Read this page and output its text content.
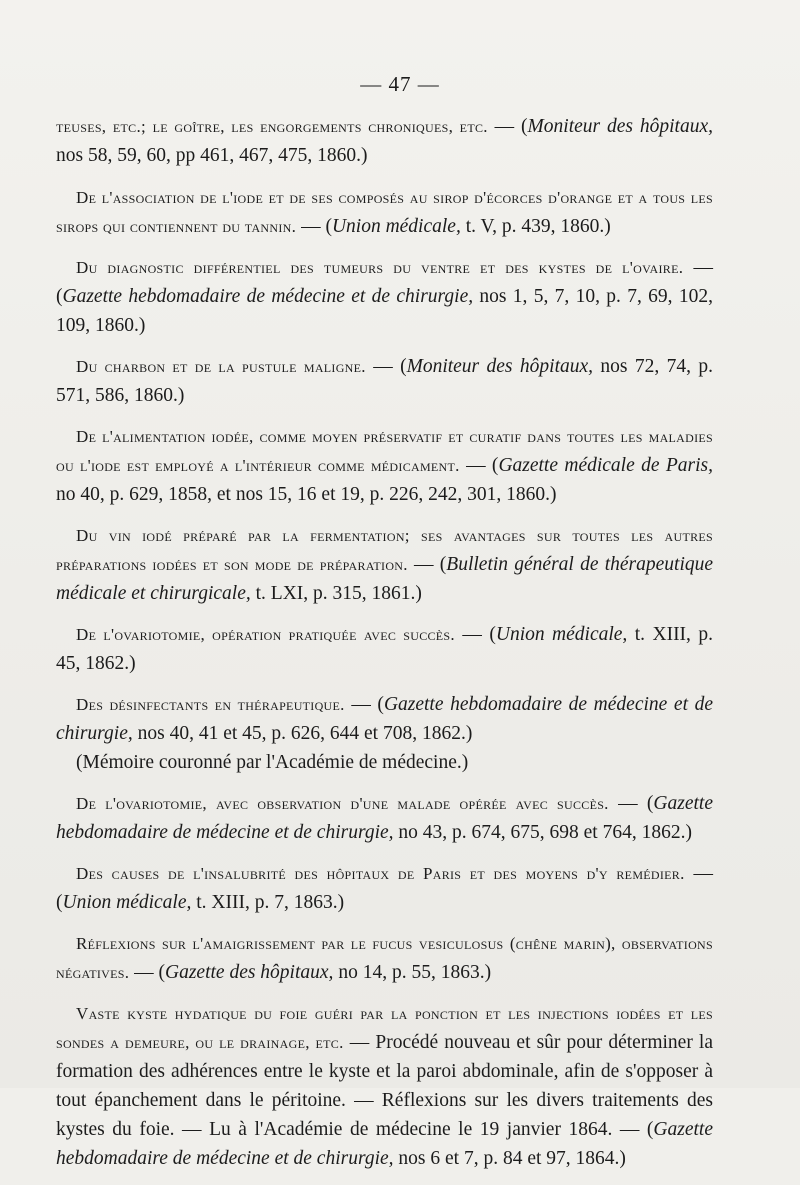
— 47 —

teuses, etc.; le goître, les engorgements chroniques, etc. — (Moniteur des hôpitaux, nos 58, 59, 60, pp 461, 467, 475, 1860.)

De l'association de l'iode et de ses composés au sirop d'écorces d'orange et a tous les sirops qui contiennent du tannin. — (Union médicale, t. V, p. 439, 1860.)

Du diagnostic différentiel des tumeurs du ventre et des kystes de l'ovaire. — (Gazette hebdomadaire de médecine et de chirurgie, nos 1, 5, 7, 10, p. 7, 69, 102, 109, 1860.)

Du charbon et de la pustule maligne. — (Moniteur des hôpitaux, nos 72, 74, p. 571, 586, 1860.)

De l'alimentation iodée, comme moyen préservatif et curatif dans toutes les maladies ou l'iode est employé a l'intérieur comme médicament. — (Gazette médicale de Paris, no 40, p. 629, 1858, et nos 15, 16 et 19, p. 226, 242, 301, 1860.)

Du vin iodé préparé par la fermentation; ses avantages sur toutes les autres préparations iodées et son mode de préparation. — (Bulletin général de thérapeutique médicale et chirurgicale, t. LXI, p. 315, 1861.)

De l'ovariotomie, opération pratiquée avec succès. — (Union médicale, t. XIII, p. 45, 1862.)

Des désinfectants en thérapeutique. — (Gazette hebdomadaire de médecine et de chirurgie, nos 40, 41 et 45, p. 626, 644 et 708, 1862.)
(Mémoire couronné par l'Académie de médecine.)

De l'ovariotomie, avec observation d'une malade opérée avec succès. — (Gazette hebdomadaire de médecine et de chirurgie, no 43, p. 674, 675, 698 et 764, 1862.)

Des causes de l'insalubrité des hôpitaux de Paris et des moyens d'y remédier. — (Union médicale, t. XIII, p. 7, 1863.)

Réflexions sur l'amaigrissement par le fucus vesiculosus (chêne marin), observations négatives. — (Gazette des hôpitaux, no 14, p. 55, 1863.)

Vaste kyste hydatique du foie guéri par la ponction et les injections iodées et les sondes a demeure, ou le drainage, etc. — Procédé nouveau et sûr pour déterminer la formation des adhérences entre le kyste et la paroi abdominale, afin de s'opposer à tout épanchement dans le péritoine. — Réflexions sur les divers traitements des kystes du foie. — Lu à l'Académie de médecine le 19 janvier 1864. — (Gazette hebdomadaire de médecine et de chirurgie, nos 6 et 7, p. 84 et 97, 1864.)
